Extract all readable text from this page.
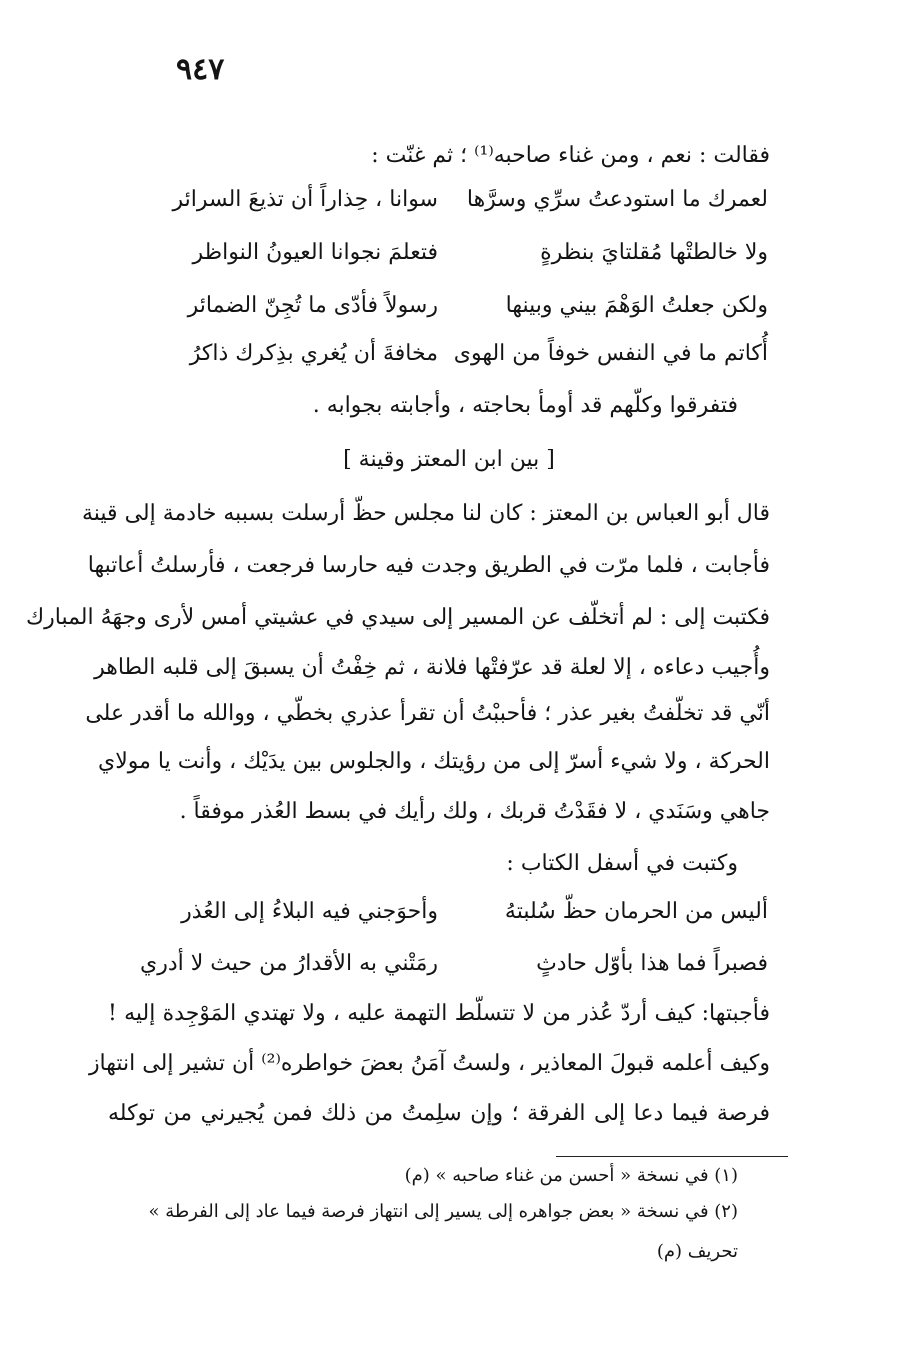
٩٤٧
فقالت : نعم ، ومن غناء صاحبه⁽¹⁾ ؛ ثم غنّت :
لعمرك ما استودعتُ سرِّي وسرَّها
سوانا ، حِذاراً أن تذيعَ السرائر
ولا خالطتْها مُقلتايَ بنظرةٍ
فتعلمَ نجوانا العيونُ النواظر
ولكن جعلتُ الوَهْمَ بيني وبينها
رسولاً فأدّى ما تُجِنّ الضمائر
أُكاتم ما في النفس خوفاً من الهوى
مخافةَ أن يُغري بذِكرك ذاكرُ
فتفرقوا وكلّهم قد أومأ بحاجته ، وأجابته بجوابه .
[ بين ابن المعتز وقينة ]
قال أبو العباس بن المعتز : كان لنا مجلس حظّ أرسلت بسببه خادمة إلى قينة
فأجابت ، فلما مرّت في الطريق وجدت فيه حارسا فرجعت ، فأرسلتُ أعاتبها
فكتبت إلى : لم أتخلّف عن المسير إلى سيدي في عشيتي أمس لأرى وجهَهُ المبارك
وأُجيب دعاءه ، إلا لعلة قد عرّفتْها فلانة ، ثم خِفْتُ أن يسبقَ إلى قلبه الطاهر
أنّي قد تخلّفتُ بغير عذر ؛ فأحببْتُ أن تقرأ عذري بخطّي ، ووالله ما أقدر على
الحركة ، ولا شيء أسرّ إلى من رؤيتك ، والجلوس بين يدَيْك ، وأنت يا مولاي
جاهي وسَنَدي ، لا فقَدْتُ قربك ، ولك رأيك في بسط العُذر موفقاً .
وكتبت في أسفل الكتاب :
أليس من الحرمان حظّ سُلبتهُ
وأحوَجني فيه البلاءُ إلى العُذر
فصبراً فما هذا بأوّل حادثٍ
رمَتْني به الأقدارُ من حيث لا أدري
فأجبتها: كيف أردّ عُذر من لا تتسلّط التهمة عليه ، ولا تهتدي المَوْجِدة إليه !
وكيف أعلمه قبولَ المعاذير ، ولستُ آمَنُ بعضَ خواطره⁽²⁾ أن تشير إلى انتهاز
فرصة فيما دعا إلى الفرقة ؛ وإن سلِمتُ من ذلك فمن يُجيرني من توكله
(١) في نسخة « أحسن من غناء صاحبه » (م)
(٢) في نسخة « بعض جواهره إلى يسير إلى انتهاز فرصة فيما عاد إلى الفرطة »
تحريف (م)
